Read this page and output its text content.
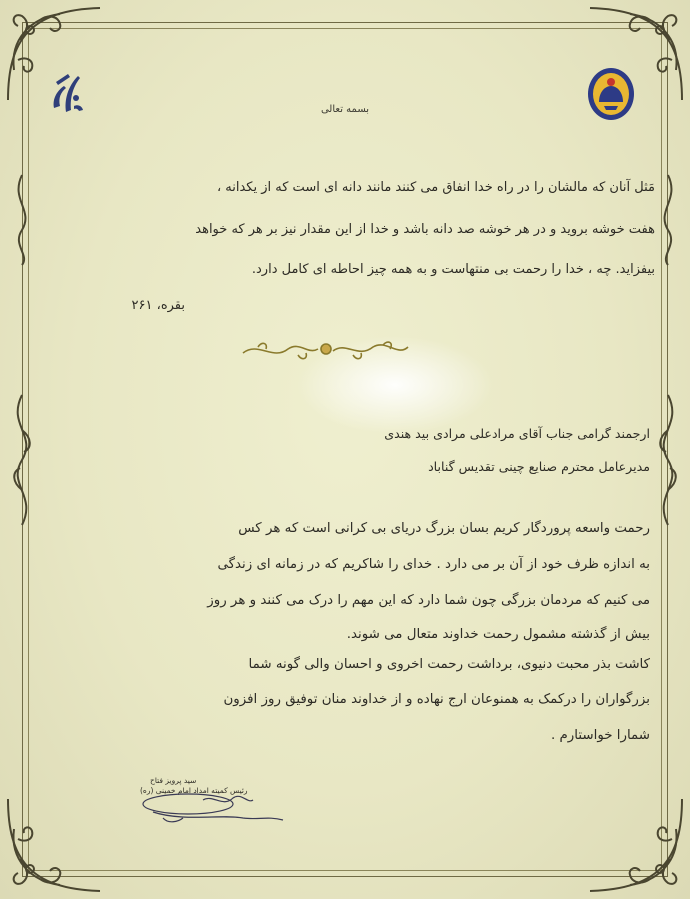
بسمه تعالی
مَثل آنان که مالشان را در راه خدا انفاق می کنند مانند دانه ای است که از یکدانه ،
هفت خوشه بروید و در هر خوشه صد دانه باشد و خدا از این مقدار نیز بر هر که خواهد
بیفزاید. چه ، خدا را رحمت بی منتهاست و به همه چیز احاطه ای کامل دارد.
بقره، ۲۶۱
ارجمند گرامی جناب آقای مرادعلی مرادی بید هندی
مدیرعامل محترم صنایع چینی تقدیس گناباد
رحمت واسعه پروردگار کریم بسان بزرگ دریای بی کرانی است که هر کس
به اندازه ظرف خود از آن بر می دارد . خدای را شاکریم که در زمانه ای زندگی
می کنیم که مردمان بزرگی چون شما دارد که این مهم را درک می کنند و هر روز
بیش از گذشته مشمول رحمت خداوند متعال می شوند.
کاشت بذر محبت دنیوی، برداشت رحمت اخروی و احسان والی گونه شما
بزرگواران را درکمک به همنوعان ارج نهاده و از خداوند منان توفیق روز افزون
شمارا خواستارم .
سید پرویز فتاح
رئیس کمیته امداد امام خمینی (ره)
